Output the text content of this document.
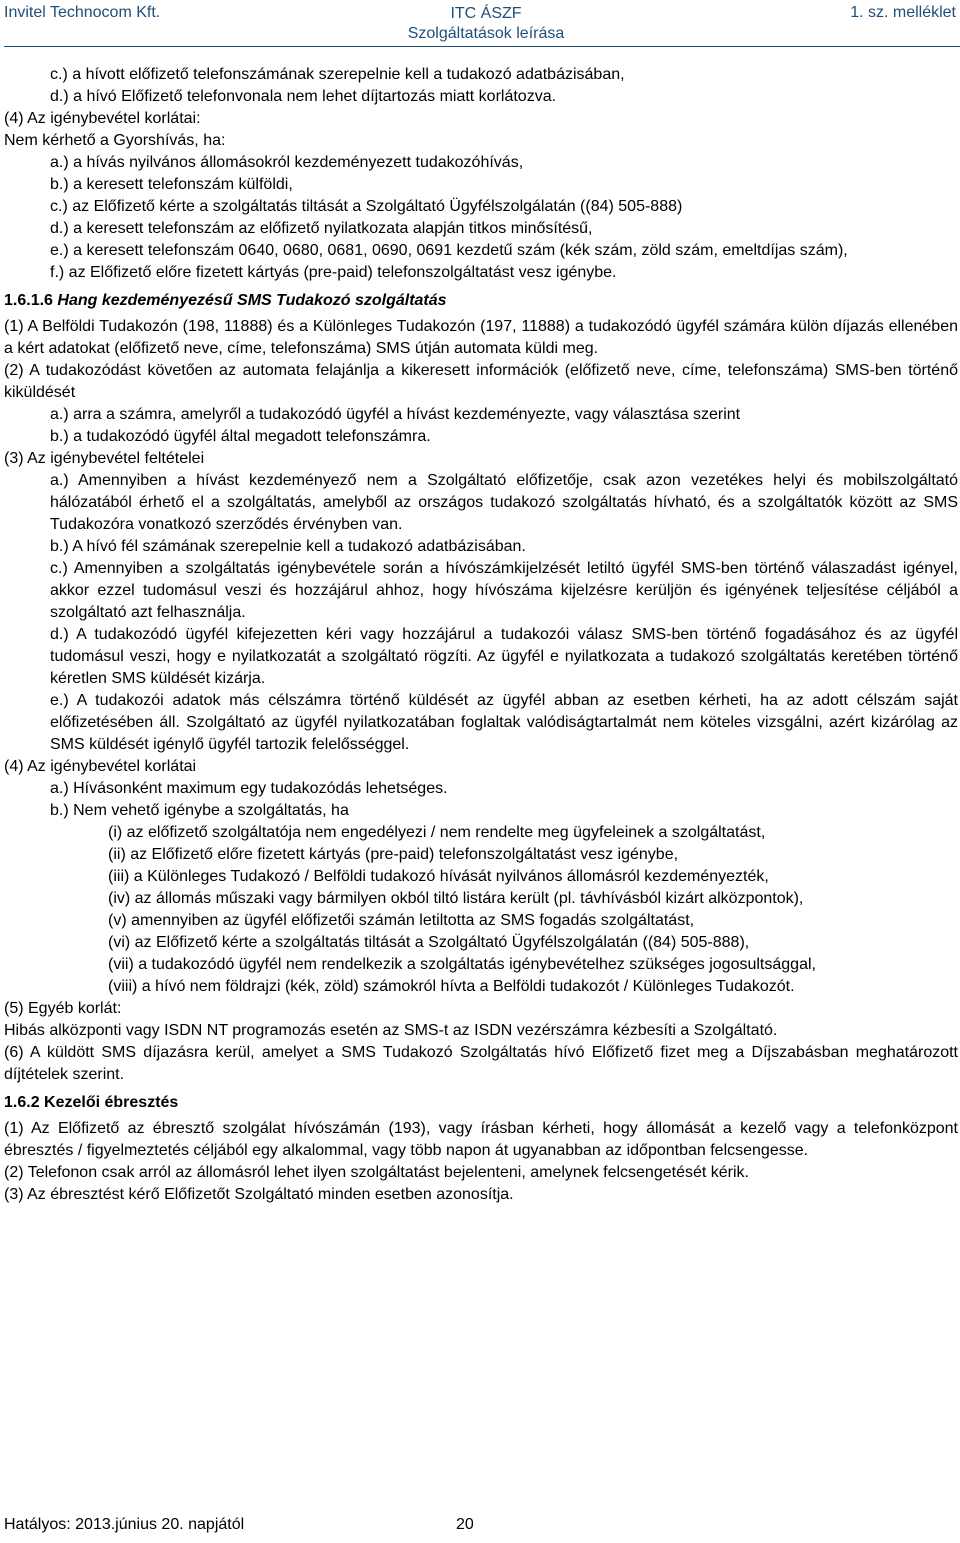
Invitel Technocom Kft.	ITC ÁSZF
Szolgáltatások leírása
1. sz. melléklet
c.) a hívott előfizető telefonszámának szerepelnie kell a tudakozó adatbázisában,
d.) a hívó Előfizető telefonvonala nem lehet díjtartozás miatt korlátozva.
(4) Az igénybevétel korlátai:
Nem kérhető a Gyorshívás, ha:
a.) a hívás nyilvános állomásokról kezdeményezett tudakozóhívás,
b.) a keresett telefonszám külföldi,
c.) az Előfizető kérte a szolgáltatás tiltását a Szolgáltató Ügyfélszolgálatán ((84) 505-888)
d.) a keresett telefonszám az előfizető nyilatkozata alapján titkos minősítésű,
e.) a keresett telefonszám 0640, 0680, 0681, 0690, 0691 kezdetű szám (kék szám, zöld szám, emeltdíjas szám),
f.) az Előfizető előre fizetett kártyás (pre-paid) telefonszolgáltatást vesz igénybe.
1.6.1.6 Hang kezdeményezésű SMS Tudakozó szolgáltatás
(1) A Belföldi Tudakozón (198, 11888) és a Különleges Tudakozón (197, 11888) a tudakozódó ügyfél számára külön díjazás ellenében a kért adatokat (előfizető neve, címe, telefonszáma) SMS útján automata küldi meg.
(2) A tudakozódást követően az automata felajánlja a kikeresett információk (előfizető neve, címe, telefonszáma) SMS-ben történő kiküldését
a.) arra a számra, amelyről a tudakozódó ügyfél a hívást kezdeményezte, vagy választása szerint
b.) a tudakozódó ügyfél által megadott telefonszámra.
(3) Az igénybevétel feltételei
a.) Amennyiben a hívást kezdeményező nem a Szolgáltató előfizetője, csak azon vezetékes helyi és mobilszolgáltató hálózatából érhető el a szolgáltatás, amelyből az országos tudakozó szolgáltatás hívható, és a szolgáltatók között az SMS Tudakozóra vonatkozó szerződés érvényben van.
b.) A hívó fél számának szerepelnie kell a tudakozó adatbázisában.
c.) Amennyiben a szolgáltatás igénybevétele során a hívószámkijelzését letiltó ügyfél SMS-ben történő válaszadást igényel, akkor ezzel tudomásul veszi és hozzájárul ahhoz, hogy hívószáma kijelzésre kerüljön és igényének teljesítése céljából a szolgáltató azt felhasználja.
d.) A tudakozódó ügyfél kifejezetten kéri vagy hozzájárul a tudakozói válasz SMS-ben történő fogadásához és az ügyfél tudomásul veszi, hogy e nyilatkozatát a szolgáltató rögzíti. Az ügyfél e nyilatkozata a tudakozó szolgáltatás keretében történő kéretlen SMS küldését kizárja.
e.) A tudakozói adatok más célszámra történő küldését az ügyfél abban az esetben kérheti, ha az adott célszám saját előfizetésében áll. Szolgáltató az ügyfél nyilatkozatában foglaltak valódiságtartalmát nem köteles vizsgálni, azért kizárólag az SMS küldését igénylő ügyfél tartozik felelősséggel.
(4) Az igénybevétel korlátai
a.) Hívásonként maximum egy tudakozódás lehetséges.
b.) Nem vehető igénybe a szolgáltatás, ha
(i) az előfizető szolgáltatója nem engedélyezi / nem rendelte meg ügyfeleinek a szolgáltatást,
(ii) az Előfizető előre fizetett kártyás (pre-paid) telefonszolgáltatást vesz igénybe,
(iii) a Különleges Tudakozó / Belföldi tudakozó hívását nyilvános állomásról kezdeményezték,
(iv) az állomás műszaki vagy bármilyen okból tiltó listára került (pl. távhívásból kizárt alközpontok),
(v) amennyiben az ügyfél előfizetői számán letiltotta az SMS fogadás szolgáltatást,
(vi) az Előfizető kérte a szolgáltatás tiltását a Szolgáltató Ügyfélszolgálatán ((84) 505-888),
(vii) a tudakozódó ügyfél nem rendelkezik a szolgáltatás igénybevételhez szükséges jogosultsággal,
(viii) a hívó nem földrajzi (kék, zöld) számokról hívta a Belföldi tudakozót / Különleges Tudakozót.
(5) Egyéb korlát:
Hibás alközponti vagy ISDN NT programozás esetén az SMS-t az ISDN vezérszámra kézbesíti a Szolgáltató.
(6) A küldött SMS díjazásra kerül, amelyet a SMS Tudakozó Szolgáltatás hívó Előfizető fizet meg a Díjszabásban meghatározott díjtételek szerint.
1.6.2 Kezelői ébresztés
(1) Az Előfizető az ébresztő szolgálat hívószámán (193), vagy írásban kérheti, hogy állomását a kezelő vagy a telefonközpont ébresztés / figyelmeztetés céljából egy alkalommal, vagy több napon át ugyanabban az időpontban felcsengesse.
(2) Telefonon csak arról az állomásról lehet ilyen szolgáltatást bejelenteni, amelynek felcsengetését kérik.
(3) Az ébresztést kérő Előfizetőt Szolgáltató minden esetben azonosítja.
Hatályos: 2013.június 20. napjától	20
